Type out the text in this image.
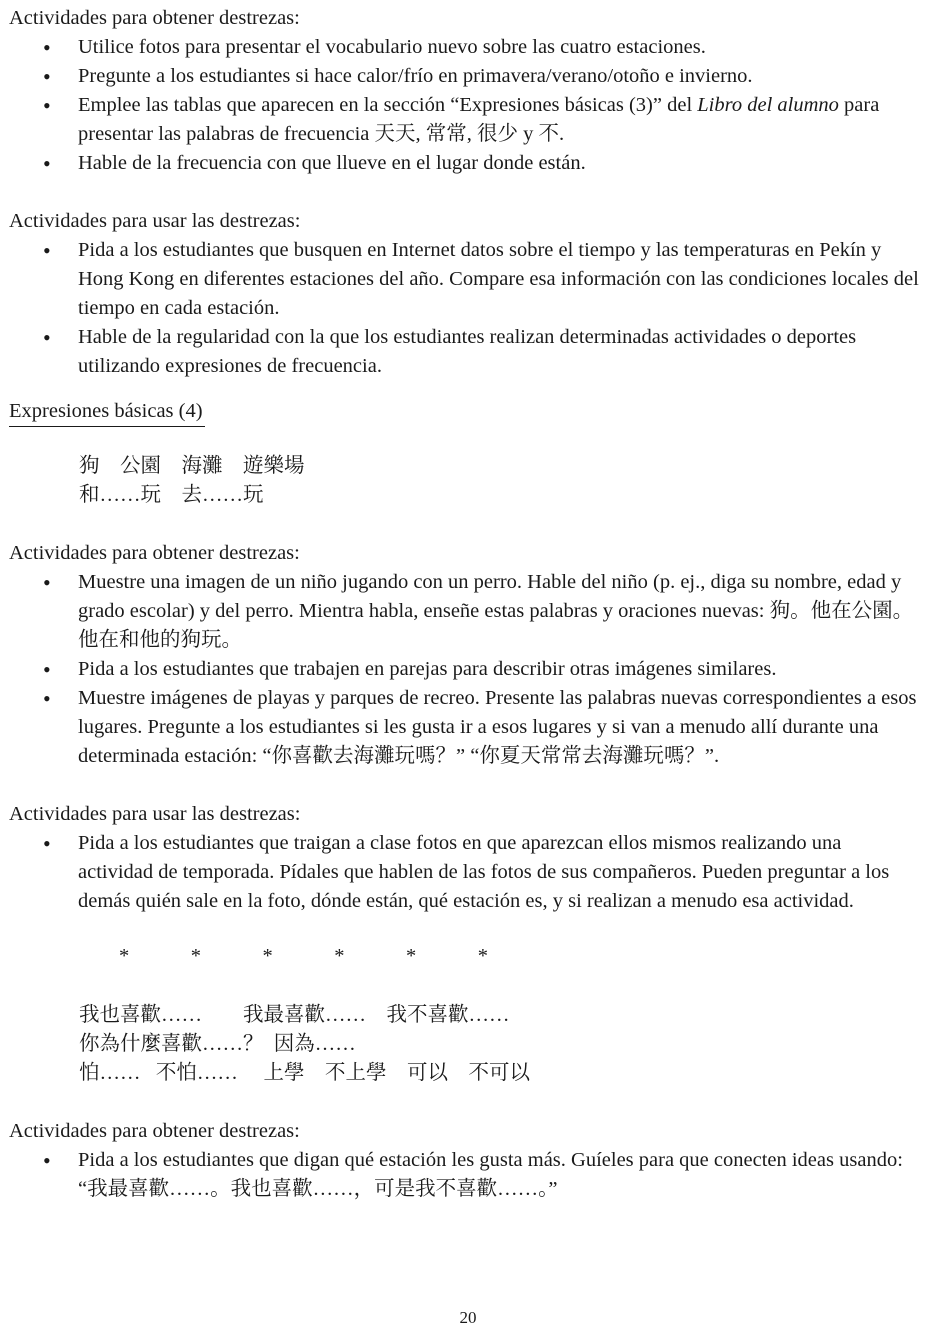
Actividades para obtener destrezas:

• Utilice fotos para presentar el vocabulario nuevo sobre las cuatro estaciones.
• Pregunte a los estudiantes si hace calor/frío en primavera/verano/otoño e invierno.
• Emplee las tablas que aparecen en la sección “Expresiones básicas (3)” del Libro del alumno para presentar las palabras de frecuencia 天天, 常常, 很少 y 不.
• Hable de la frecuencia con que llueve en el lugar donde están.

Actividades para usar las destrezas:

• Pida a los estudiantes que busquen en Internet datos sobre el tiempo y las temperaturas en Pekín y Hong Kong en diferentes estaciones del año. Compare esa información con las condiciones locales del tiempo en cada estación.
• Hable de la regularidad con la que los estudiantes realizan determinadas actividades o deportes utilizando expresiones de frecuencia.
Expresiones básicas (4)
狗    公園    海灘    遊樂場
和……玩    去……玩

Actividades para obtener destrezas:

• Muestre una imagen de un niño jugando con un perro. Hable del niño (p. ej., diga su nombre, edad y grado escolar) y del perro. Mientra habla, enseñe estas palabras y oraciones nuevas: 狗。他在公園。他在和他的狗玩。
• Pida a los estudiantes que trabajen en parejas para describir otras imágenes similares.
• Muestre imágenes de playas y parques de recreo. Presente las palabras nuevas correspondientes a esos lugares. Pregunte a los estudiantes si les gusta ir a esos lugares y si van a menudo allí durante una determinada estación: “你喜歡去海灘玩嗎？” “你夏天常常去海灘玩嗎？”.

Actividades para usar las destrezas:

• Pida a los estudiantes que traigan a clase fotos en que aparezcan ellos mismos realizando una actividad de temporada. Pídales que hablen de las fotos de sus compañeros. Pueden preguntar a los demás quién sale en la foto, dónde están, qué estación es, y si realizan a menudo esa actividad.
*            *            *            *            *            *
我也喜歡……        我最喜歡……    我不喜歡……
你為什麼喜歡……？  因為……
怕……   不怕……     上學    不上學    可以    不可以

Actividades para obtener destrezas:

• Pida a los estudiantes que digan qué estación les gusta más. Guíeles para que conecten ideas usando: “我最喜歡……。我也喜歡……，可是我不喜歡……。”
20
